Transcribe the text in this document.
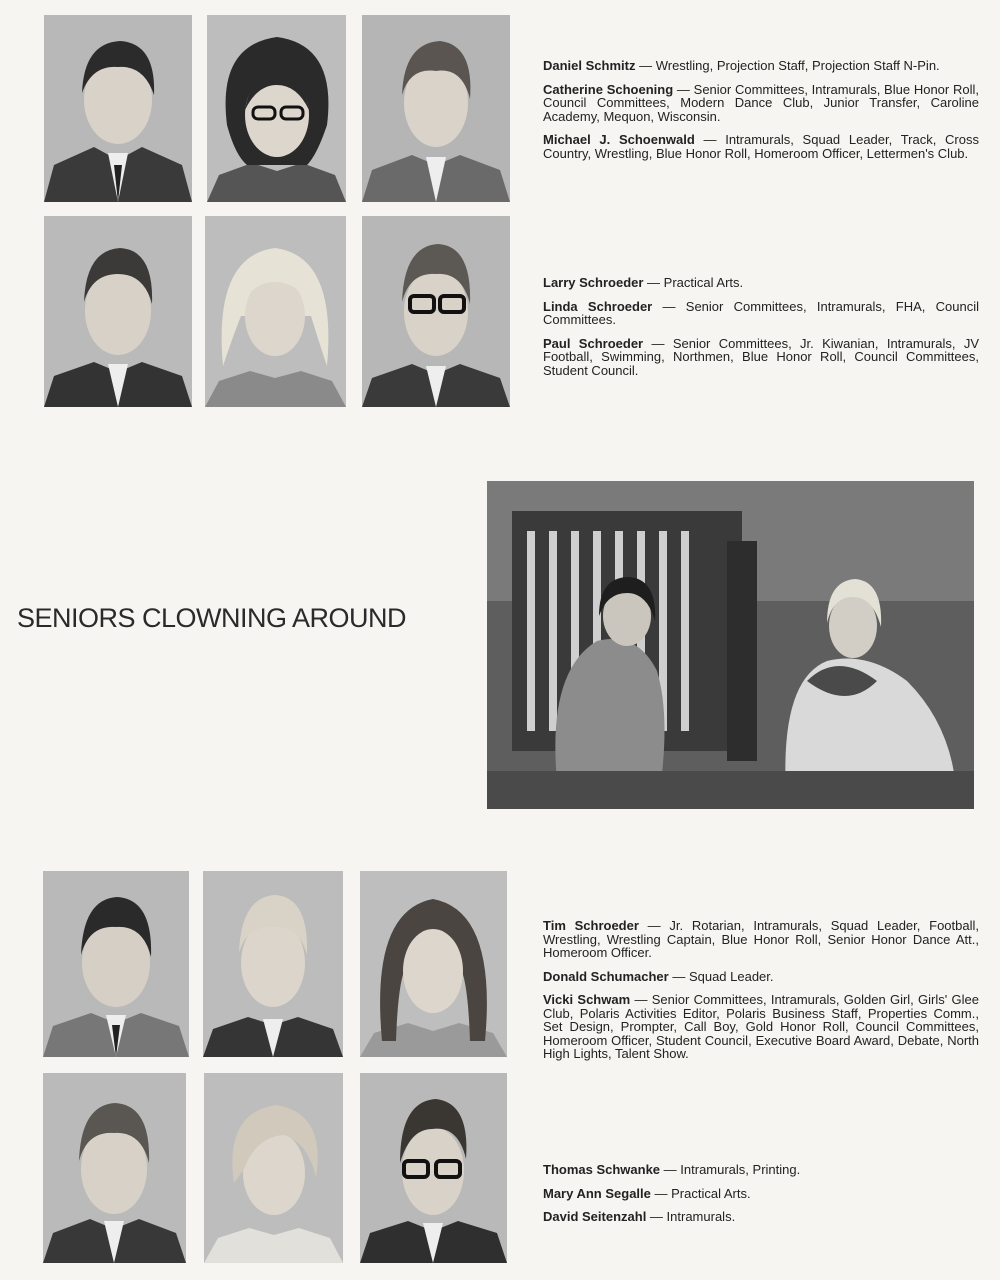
Daniel Schmitz — Wrestling, Projection Staff, Projection Staff N-Pin.

Catherine Schoening — Senior Committees, Intramurals, Blue Honor Roll, Council Committees, Modern Dance Club, Junior Transfer, Caroline Academy, Mequon, Wisconsin.

Michael J. Schoenwald — Intramurals, Squad Leader, Track, Cross Country, Wrestling, Blue Honor Roll, Homeroom Officer, Lettermen's Club.

Larry Schroeder — Practical Arts.

Linda Schroeder — Senior Committees, Intramurals, FHA, Council Committees.

Paul Schroeder — Senior Committees, Jr. Kiwanian, Intramurals, JV Football, Swimming, Northmen, Blue Honor Roll, Council Committees, Student Council.

SENIORS CLOWNING AROUND

Tim Schroeder — Jr. Rotarian, Intramurals, Squad Leader, Football, Wrestling, Wrestling Captain, Blue Honor Roll, Senior Honor Dance Att., Homeroom Officer.

Donald Schumacher — Squad Leader.

Vicki Schwam — Senior Committees, Intramurals, Golden Girl, Girls' Glee Club, Polaris Activities Editor, Polaris Business Staff, Properties Comm., Set Design, Prompter, Call Boy, Gold Honor Roll, Council Committees, Homeroom Officer, Student Council, Executive Board Award, Debate, North High Lights, Talent Show.

Thomas Schwanke — Intramurals, Printing.

Mary Ann Segalle — Practical Arts.

David Seitenzahl — Intramurals.
